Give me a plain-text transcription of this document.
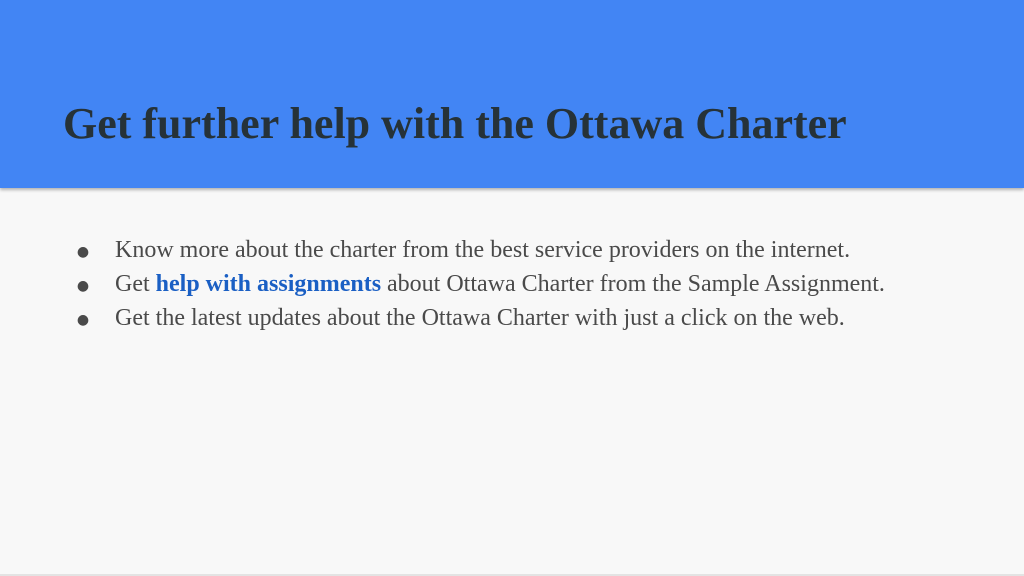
Get further help with the Ottawa Charter
● Know more about the charter from the best service providers on the internet.
● Get help with assignments about Ottawa Charter from the Sample Assignment.
● Get the latest updates about the Ottawa Charter with just a click on the web.
